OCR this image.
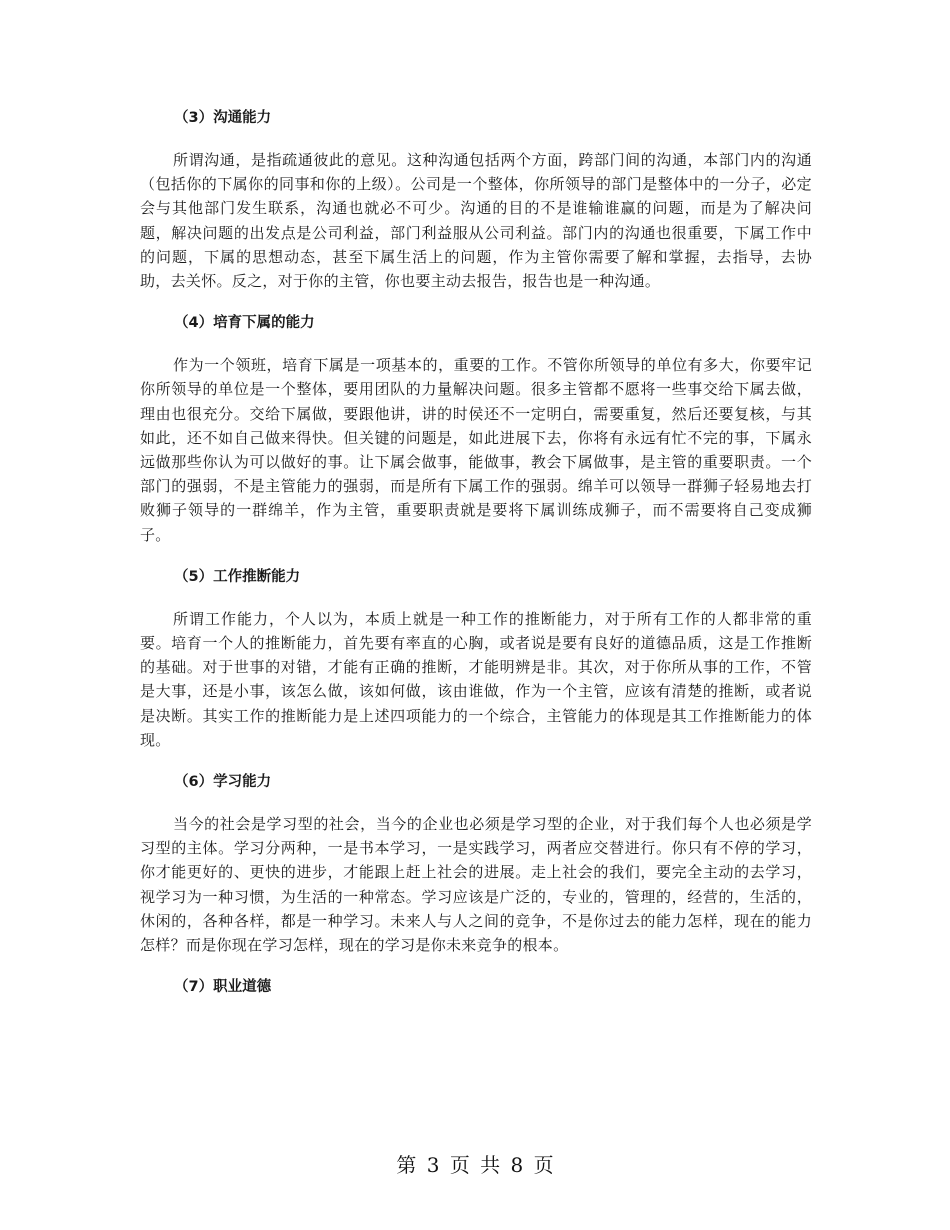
（3）沟通能力

所谓沟通，是指疏通彼此的意见。这种沟通包括两个方面，跨部门间的沟通，本部门内的沟通（包括你的下属你的同事和你的上级）。公司是一个整体，你所领导的部门是整体中的一分子，必定会与其他部门发生联系，沟通也就必不可少。沟通的目的不是谁输谁赢的问题，而是为了解决问题，解决问题的出发点是公司利益，部门利益服从公司利益。部门内的沟通也很重要，下属工作中的问题，下属的思想动态，甚至下属生活上的问题，作为主管你需要了解和掌握，去指导，去协助，去关怀。反之，对于你的主管，你也要主动去报告，报告也是一种沟通。

（4）培育下属的能力

作为一个领班，培育下属是一项基本的，重要的工作。不管你所领导的单位有多大，你要牢记你所领导的单位是一个整体，要用团队的力量解决问题。很多主管都不愿将一些事交给下属去做，理由也很充分。交给下属做，要跟他讲，讲的时侯还不一定明白，需要重复，然后还要复核，与其如此，还不如自己做来得快。但关键的问题是，如此进展下去，你将有永远有忙不完的事，下属永远做那些你认为可以做好的事。让下属会做事，能做事，教会下属做事，是主管的重要职责。一个部门的强弱，不是主管能力的强弱，而是所有下属工作的强弱。绵羊可以领导一群狮子轻易地去打败狮子领导的一群绵羊，作为主管，重要职责就是要将下属训练成狮子，而不需要将自己变成狮子。

（5）工作推断能力

所谓工作能力，个人以为，本质上就是一种工作的推断能力，对于所有工作的人都非常的重要。培育一个人的推断能力，首先要有率直的心胸，或者说是要有良好的道德品质，这是工作推断的基础。对于世事的对错，才能有正确的推断，才能明辨是非。其次，对于你所从事的工作，不管是大事，还是小事，该怎么做，该如何做，该由谁做，作为一个主管，应该有清楚的推断，或者说是决断。其实工作的推断能力是上述四项能力的一个综合，主管能力的体现是其工作推断能力的体现。

（6）学习能力

当今的社会是学习型的社会，当今的企业也必须是学习型的企业，对于我们每个人也必须是学习型的主体。学习分两种，一是书本学习，一是实践学习，两者应交替进行。你只有不停的学习，你才能更好的、更快的进步，才能跟上赶上社会的进展。走上社会的我们，要完全主动的去学习，视学习为一种习惯，为生活的一种常态。学习应该是广泛的，专业的，管理的，经营的，生活的，休闲的，各种各样，都是一种学习。未来人与人之间的竞争，不是你过去的能力怎样，现在的能力怎样？而是你现在学习怎样，现在的学习是你未来竞争的根本。

（7）职业道德
第 3 页 共 8 页
